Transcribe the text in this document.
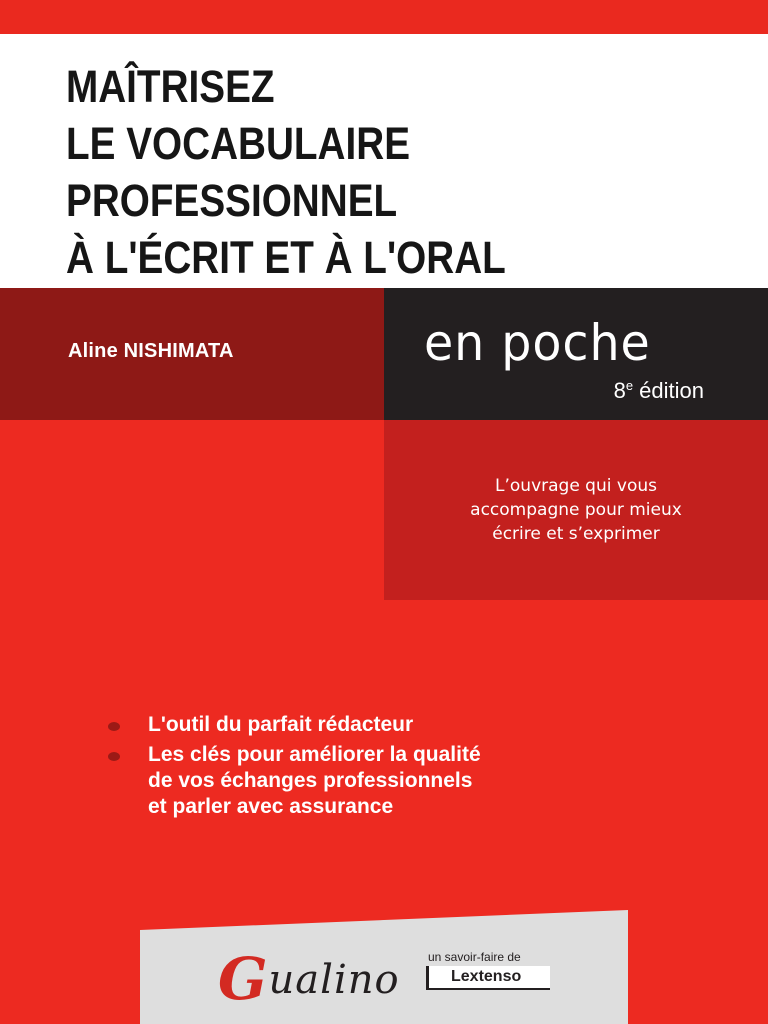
MAÎTRISEZ
LE VOCABULAIRE
PROFESSIONNEL
À L'ÉCRIT ET À L'ORAL
Aline NISHIMATA	en poche
8e édition
L’ouvrage qui vous
accompagne pour mieux
écrire et s’exprimer
L'outil du parfait rédacteur
Les clés pour améliorer la qualité
de vos échanges professionnels
et parler avec assurance
Gualino un savoir-faire de
Lextenso
